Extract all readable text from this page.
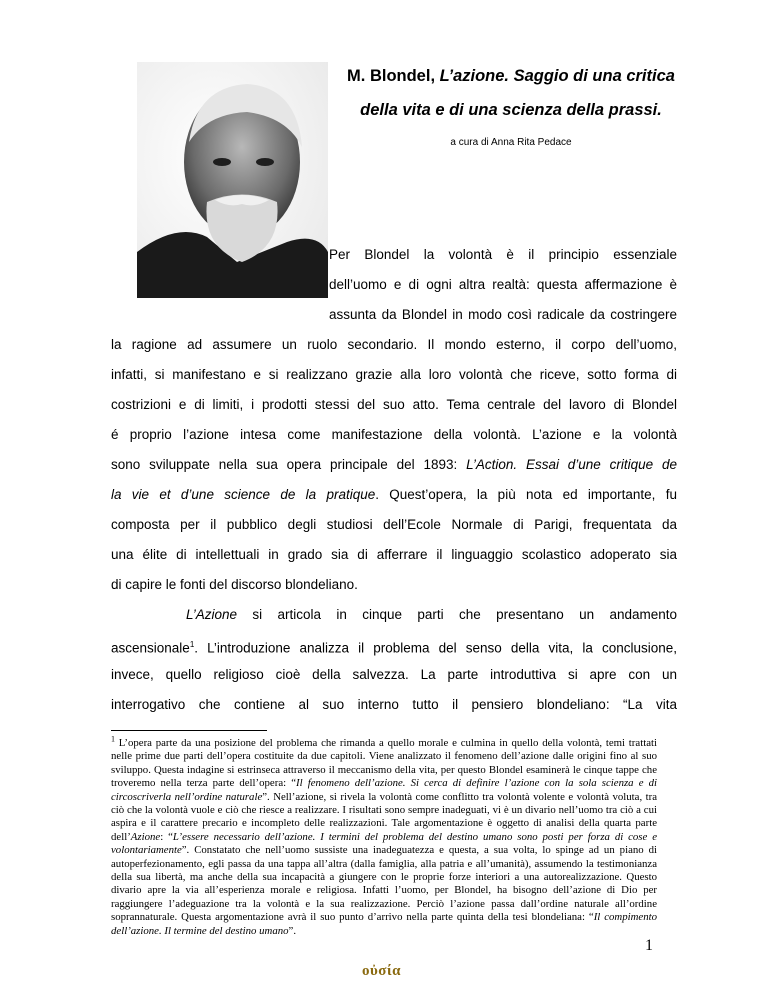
M. Blondel, L’azione. Saggio di una critica
della vita e di una scienza della prassi.
a cura di Anna Rita Pedace
Per Blondel la volontà è il principio essenziale
dell’uomo e di ogni altra realtà: questa affermazione è
assunta da Blondel in modo così radicale da costringere
la ragione ad assumere un ruolo secondario. Il mondo esterno, il corpo dell’uomo,
infatti, si manifestano e si realizzano grazie alla loro volontà che riceve, sotto forma di
costrizioni e di limiti, i prodotti stessi del suo atto. Tema centrale del lavoro di Blondel
é proprio l’azione intesa come manifestazione della volontà. L’azione e la volontà
sono sviluppate nella sua opera principale del 1893: L’Action. Essai d’une critique de
la vie et d’une science de la pratique. Quest’opera, la più nota ed importante, fu
composta per il pubblico degli studiosi dell’Ecole Normale di Parigi, frequentata da
una élite di intellettuali in grado sia di afferrare il linguaggio scolastico adoperato sia
di capire le fonti del discorso blondeliano.
L’Azione si articola in cinque parti che presentano un andamento
ascensionale$^1$. L’introduzione analizza il problema del senso della vita, la conclusione,
invece, quello religioso cioè della salvezza. La parte introduttiva si apre con un
interrogativo che contiene al suo interno tutto il pensiero blondeliano: “La vita
$^1$ L’opera parte da una posizione del problema che rimanda a quello morale e culmina in quello della volontà, temi trattati nelle prime due parti dell’opera costituite da due capitoli. Viene analizzato il fenomeno dell’azione dalle origini fino al suo sviluppo. Questa indagine si estrinseca attraverso il meccanismo della vita, per questo Blondel esaminerà le cinque tappe che troveremo nella terza parte dell’opera: “Il fenomeno dell’azione. Si cerca di definire l’azione con la sola scienza e di circoscriverla nell’ordine naturale”. Nell’azione, si rivela la volontà come conflitto tra volontà volente e volontà voluta, tra ciò che la volontà vuole e ciò che riesce a realizzare. I risultati sono sempre inadeguati, vi è un divario nell’uomo tra ciò a cui aspira e il carattere precario e incompleto delle realizzazioni. Tale argomentazione è oggetto di analisi della quarta parte dell’Azione: “L’essere necessario dell’azione. I termini del problema del destino umano sono posti per forza di cose e volontariamente”. Constatato che nell’uomo sussiste una inadeguatezza e questa, a sua volta, lo spinge ad un piano di autoperfezionamento, egli passa da una tappa all’altra (dalla famiglia, alla patria e all’umanità), assumendo la testimonianza della sua libertà, ma anche della sua incapacità a giungere con le proprie forze interiori a una autorealizzazione. Questo divario apre la via all’esperienza morale e religiosa. Infatti l’uomo, per Blondel, ha bisogno dell’azione di Dio per raggiungere l’adeguazione tra la volontà e la sua realizzazione. Perciò l’azione passa dall’ordine naturale all’ordine soprannaturale. Questa argomentazione avrà il suo punto d’arrivo nella parte quinta della tesi blondeliana: “Il compimento dell’azione. Il termine del destino umano”.
1
οὐσία
